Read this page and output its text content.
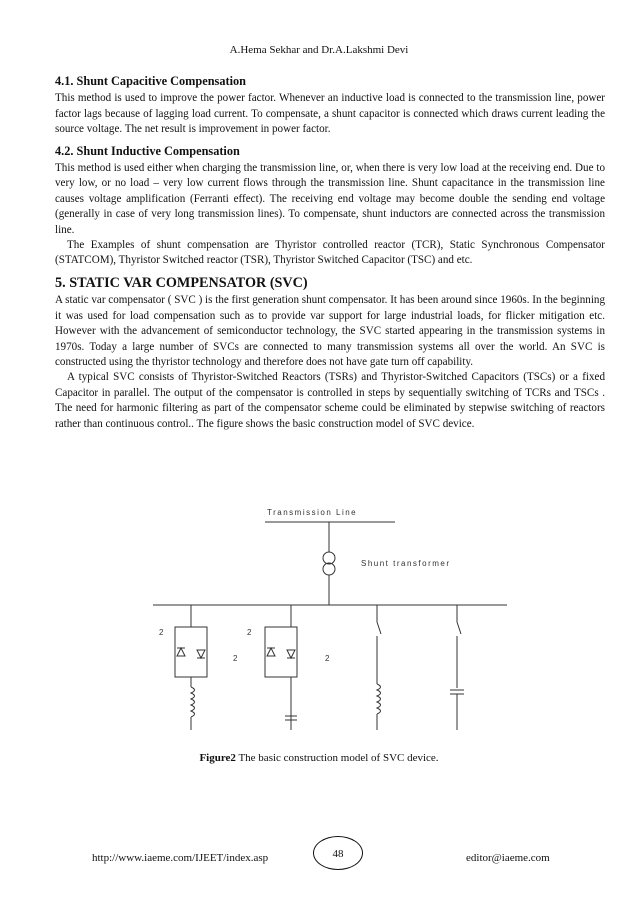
A.Hema Sekhar and Dr.A.Lakshmi Devi
4.1. Shunt Capacitive Compensation

This method is used to improve the power factor. Whenever an inductive load is connected to the transmission line, power factor lags because of lagging load current. To compensate, a shunt capacitor is connected which draws current leading the source voltage. The net result is improvement in power factor.

4.2. Shunt Inductive Compensation

This method is used either when charging the transmission line, or, when there is very low load at the receiving end. Due to very low, or no load – very low current flows through the transmission line. Shunt capacitance in the transmission line causes voltage amplification (Ferranti effect). The receiving end voltage may become double the sending end voltage (generally in case of very long transmission lines). To compensate, shunt inductors are connected across the transmission line.

The Examples of shunt compensation are Thyristor controlled reactor (TCR), Static Synchronous Compensator (STATCOM), Thyristor Switched reactor (TSR), Thyristor Switched Capacitor (TSC) and etc.

5. STATIC VAR COMPENSATOR (SVC)

A static var compensator ( SVC ) is the first generation shunt compensator. It has been around since 1960s. In the beginning it was used for load compensation such as to provide var support for large industrial loads, for flicker mitigation etc. However with the advancement of semiconductor technology, the SVC started appearing in the transmission systems in 1970s. Today a large number of SVCs are connected to many transmission systems all over the world. An SVC is constructed using the thyristor technology and therefore does not have gate turn off capability.

A typical SVC consists of Thyristor-Switched Reactors (TSRs) and Thyristor-Switched Capacitors (TSCs) or a fixed Capacitor in parallel. The output of the compensator is controlled in steps by sequentially switching of TCRs and TSCs . The need for harmonic filtering as part of the compensator scheme could be eliminated by stepwise switching of reactors rather than continuous control.. The figure shows the basic construction model of SVC device.

Transmission Line
Shunt transformer
2	2
2	2
Figure2 The basic construction model of SVC device.
http://www.iaeme.com/IJEET/index.asp	48	editor@iaeme.com
